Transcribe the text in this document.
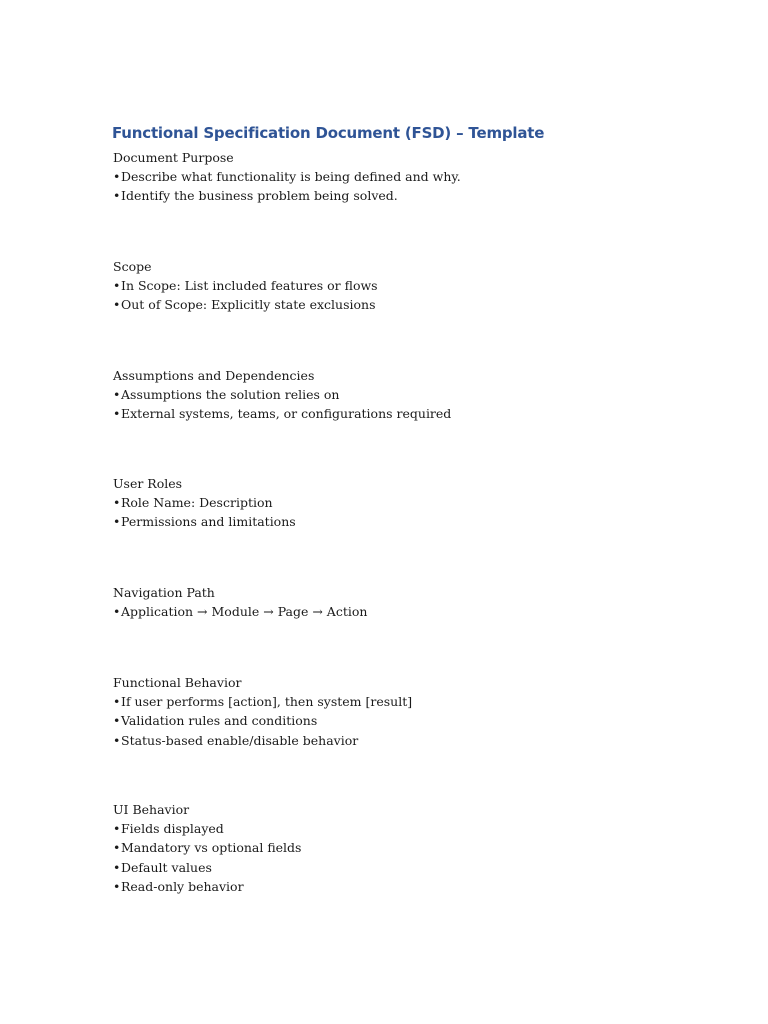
Functional Specification Document (FSD) – Template

Document Purpose

•Describe what functionality is being defined and why.
•Identify the business problem being solved.

Scope

•In Scope: List included features or flows
•Out of Scope: Explicitly state exclusions

Assumptions and Dependencies

•Assumptions the solution relies on
•External systems, teams, or configurations required

User Roles

•Role Name: Description
•Permissions and limitations

Navigation Path

•Application → Module → Page → Action

Functional Behavior

•If user performs [action], then system [result]
•Validation rules and conditions
•Status-based enable/disable behavior

UI Behavior

•Fields displayed
•Mandatory vs optional fields
•Default values
•Read-only behavior
